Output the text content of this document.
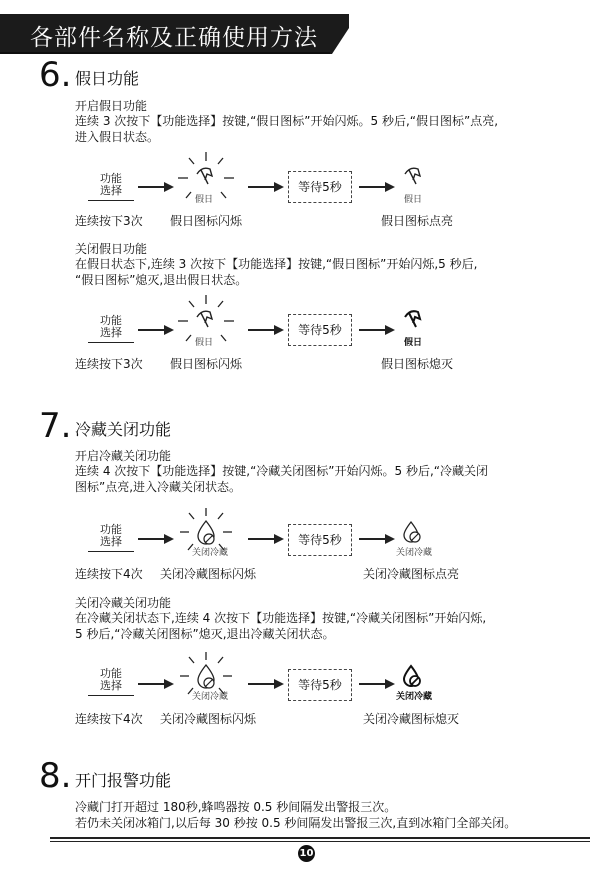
各部件名称及正确使用方法
6. 假日功能
开启假日功能
连续 3 次按下【功能选择】按键,“假日图标”开始闪烁。5 秒后,“假日图标”点亮,
进入假日状态。
功能
选择
假日
等待5秒
假日
连续按下3次 假日图标闪烁	假日图标点亮
关闭假日功能
在假日状态下,连续 3 次按下【功能选择】按键,“假日图标”开始闪烁,5 秒后,
“假日图标”熄灭,退出假日状态。
功能
选择
假日
等待5秒
假日
连续按下3次 假日图标闪烁	假日图标熄灭
7. 冷藏关闭功能
开启冷藏关闭功能
连续 4 次按下【功能选择】按键,“冷藏关闭图标”开始闪烁。5 秒后,“冷藏关闭
图标”点亮,进入冷藏关闭状态。
功能
选择
关闭冷藏
等待5秒
关闭冷藏
连续按下4次 关闭冷藏图标闪烁	关闭冷藏图标点亮
关闭冷藏关闭功能
在冷藏关闭状态下,连续 4 次按下【功能选择】按键,“冷藏关闭图标”开始闪烁,
5 秒后,“冷藏关闭图标”熄灭,退出冷藏关闭状态。
功能
选择
关闭冷藏
等待5秒
关闭冷藏
连续按下4次 关闭冷藏图标闪烁	关闭冷藏图标熄灭
8. 开门报警功能
冷藏门打开超过 180秒,蜂鸣器按 0.5 秒间隔发出警报三次。
若仍未关闭冰箱门,以后每 30 秒按 0.5 秒间隔发出警报三次,直到冰箱门全部关闭。
10
